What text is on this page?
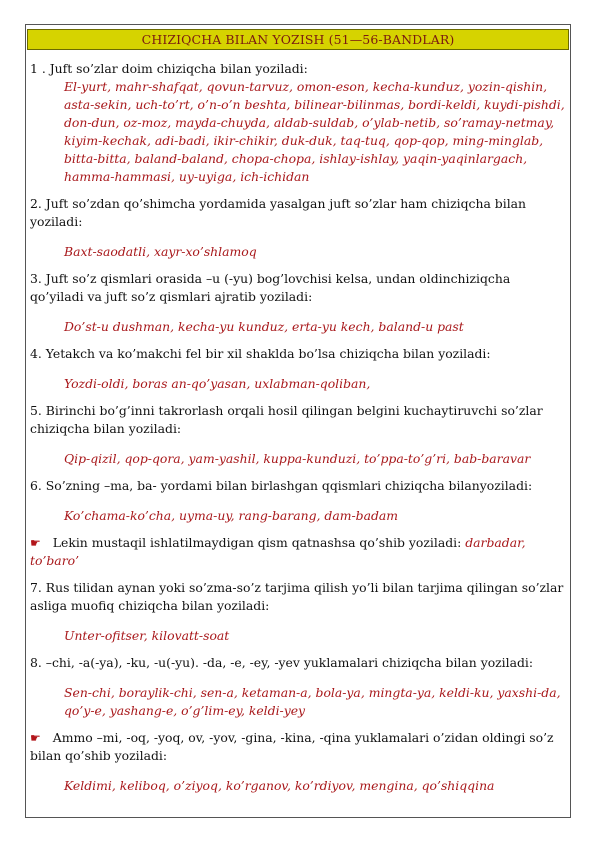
CHIZIQCHA BILAN YOZISH (51—56-BANDLAR)

1 . Juft so’zlar doim chiziqcha bilan yoziladi:

El-yurt, mahr-shafqat, qovun-tarvuz, omon-eson, kecha-kunduz, yozin-qishin, asta-sekin, uch-to’rt, o’n-o’n beshta, bilinear-bilinmas, bordi-keldi, kuydi-pishdi, don-dun, oz-moz, mayda-chuyda, aldab-suldab, o’ylab-netib, so’ramay-netmay, kiyim-kechak, adi-badi, ikir-chikir, duk-duk, taq-tuq, qop-qop, ming-minglab, bitta-bitta, baland-baland, chopa-chopa, ishlay-ishlay, yaqin-yaqinlargach, hamma-hammasi, uy-uyiga, ich-ichidan

2. Juft so’zdan qo’shimcha yordamida yasalgan juft so’zlar ham chiziqcha bilan yoziladi:

Baxt-saodatli, xayr-xo’shlamoq

3. Juft so’z qismlari orasida –u (-yu) bog’lovchisi kelsa, undan oldinchiziqcha qo’yiladi va juft so’z qismlari ajratib yoziladi:

Do’st-u dushman, kecha-yu kunduz, erta-yu kech, baland-u past

4. Yetakch va ko’makchi fel bir xil shaklda bo’lsa chiziqcha bilan yoziladi:

Yozdi-oldi, boras an-qo’yasan, uxlabman-qoliban,

5. Birinchi bo’g’inni takrorlash orqali hosil qilingan belgini kuchaytiruvchi so’zlar chiziqcha bilan yoziladi:

Qip-qizil, qop-qora, yam-yashil, kuppa-kunduzi, to’ppa-to’g’ri, bab-baravar

6. So’zning –ma, ba- yordami bilan birlashgan qqismlari chiziqcha bilanyoziladi:

Ko’chama-ko’cha, uyma-uy, rang-barang, dam-badam

☛ Lekin mustaqil ishlatilmaydigan qism qatnashsa qo’shib yoziladi: darbadar, to’baro’

7. Rus tilidan aynan yoki so’zma-so’z tarjima qilish yo’li bilan tarjima qilingan so’zlar asliga muofiq chiziqcha bilan yoziladi:

Unter-ofitser, kilovatt-soat

8. –chi, -a(-ya), -ku, -u(-yu). -da, -e, -ey, -yev yuklamalari chiziqcha bilan yoziladi:

Sen-chi, boraylik-chi, sen-a, ketaman-a, bola-ya, mingta-ya, keldi-ku, yaxshi-da, qo’y-e, yashang-e, o’g’lim-ey, keldi-yey

☛ Ammo –mi, -oq, -yoq, ov, -yov, -gina, -kina, -qina yuklamalari o’zidan oldingi so’z bilan qo’shib yoziladi:

Keldimi, keliboq, o’ziyoq, ko’rganov, ko’rdiyov, mengina, qo’shiqqina
